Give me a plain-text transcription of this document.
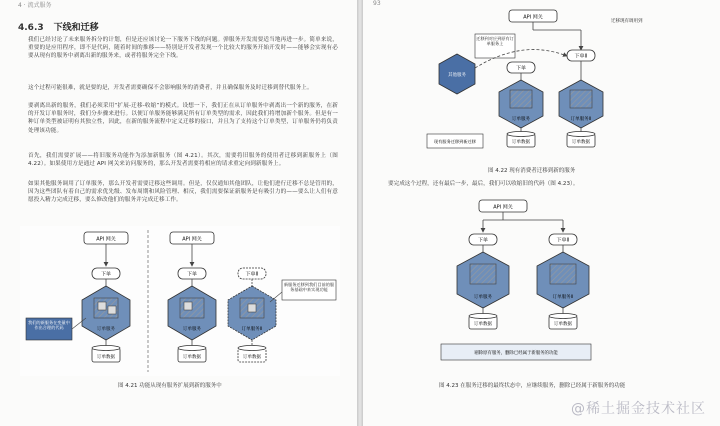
4 · 流式服务
4.6.3 下线和迁移

我们已经讨论了未来服务拆分的计划，但是还应该讨论一下服务下线的问题。弹服务开发需要适当地再进一步。简单来说，重要的是应用程序，即不是代码，随着时间的推移——特别是开发者发现一个比较大的服务开始开发时——能够会实现有必要从现有的服务中剥离出新的服务来，或者将服务完全下线。

这个过程可能很难，就是要的是，开发者需要确保不会影响服务的消费者，并且确保服务及时迁移到替代服务上。

要剥离出新的服务，我们必须采用“扩展-迁移-收缩”的模式。设想一下，我们正在从订单服务中剥离出一个新的服务，在新的开发订单服务时，我们分步骤来进行。以便订单服务能够满足所有订单类型的需求，因此我们将增加新个服务。但是有一种订单类型被证明有其独立性，因此，在新的服务流程中定义迁移的接口，并且为了支持这个订单类型，订单服务仍将负责处理该功能。

首先，我们需要扩展——将旧服务功能作为添加新服务（图 4.21）。其次，需要将旧服务的使用者迁移到新服务上（图 4.22）。如果使用方是通过 API 网关来访问服务的，那么开发者需要将相应的请求重定向到新服务上。

如果其他服务调用了订单服务，那么开发者需要迁移这些调用。但是，仅仅通知其他团队，让他们进行迁移不总是管用的，因为这些团队有着自己的需求优先级、发布周期和风险管理、相反，我们需要保证新服务是有吸引力的——要么让人们有意愿投入精力完成迁移，要么修改他们的服务并完成迁移工作。

API 网关
下单
订单服务
订单数据
我们的新服务在变量中作出合理的代码
API 网关
下单	下单II
订单服务	订单服务II
订单数据	订单数据
新服务迁移到我们目前的服务基础中来实现功能
图 4.21 功能从现有服务扩展到新的服务中
93
API 网关
迁移到对应到原有订单服务上
迁移现有调用到
下单
下单II
其他服务
订单服务	订单服务II
订单数据	订单数据
现有服务迁移到新迁移
图 4.22 现有消费者迁移到新的服务

要完成这个过程，还有最后一步，最后，我们可以收缩旧的代码（图 4.23）。

API 网关
下单	下单II
订单服务	订单服务II
订单数据	订单数据
剔除原有服务，删除已经属于新服务的功能
图 4.23 在服务迁移的最终状态中，应继续服务，删除已经属于新服务的功能
@稀土掘金技术社区
